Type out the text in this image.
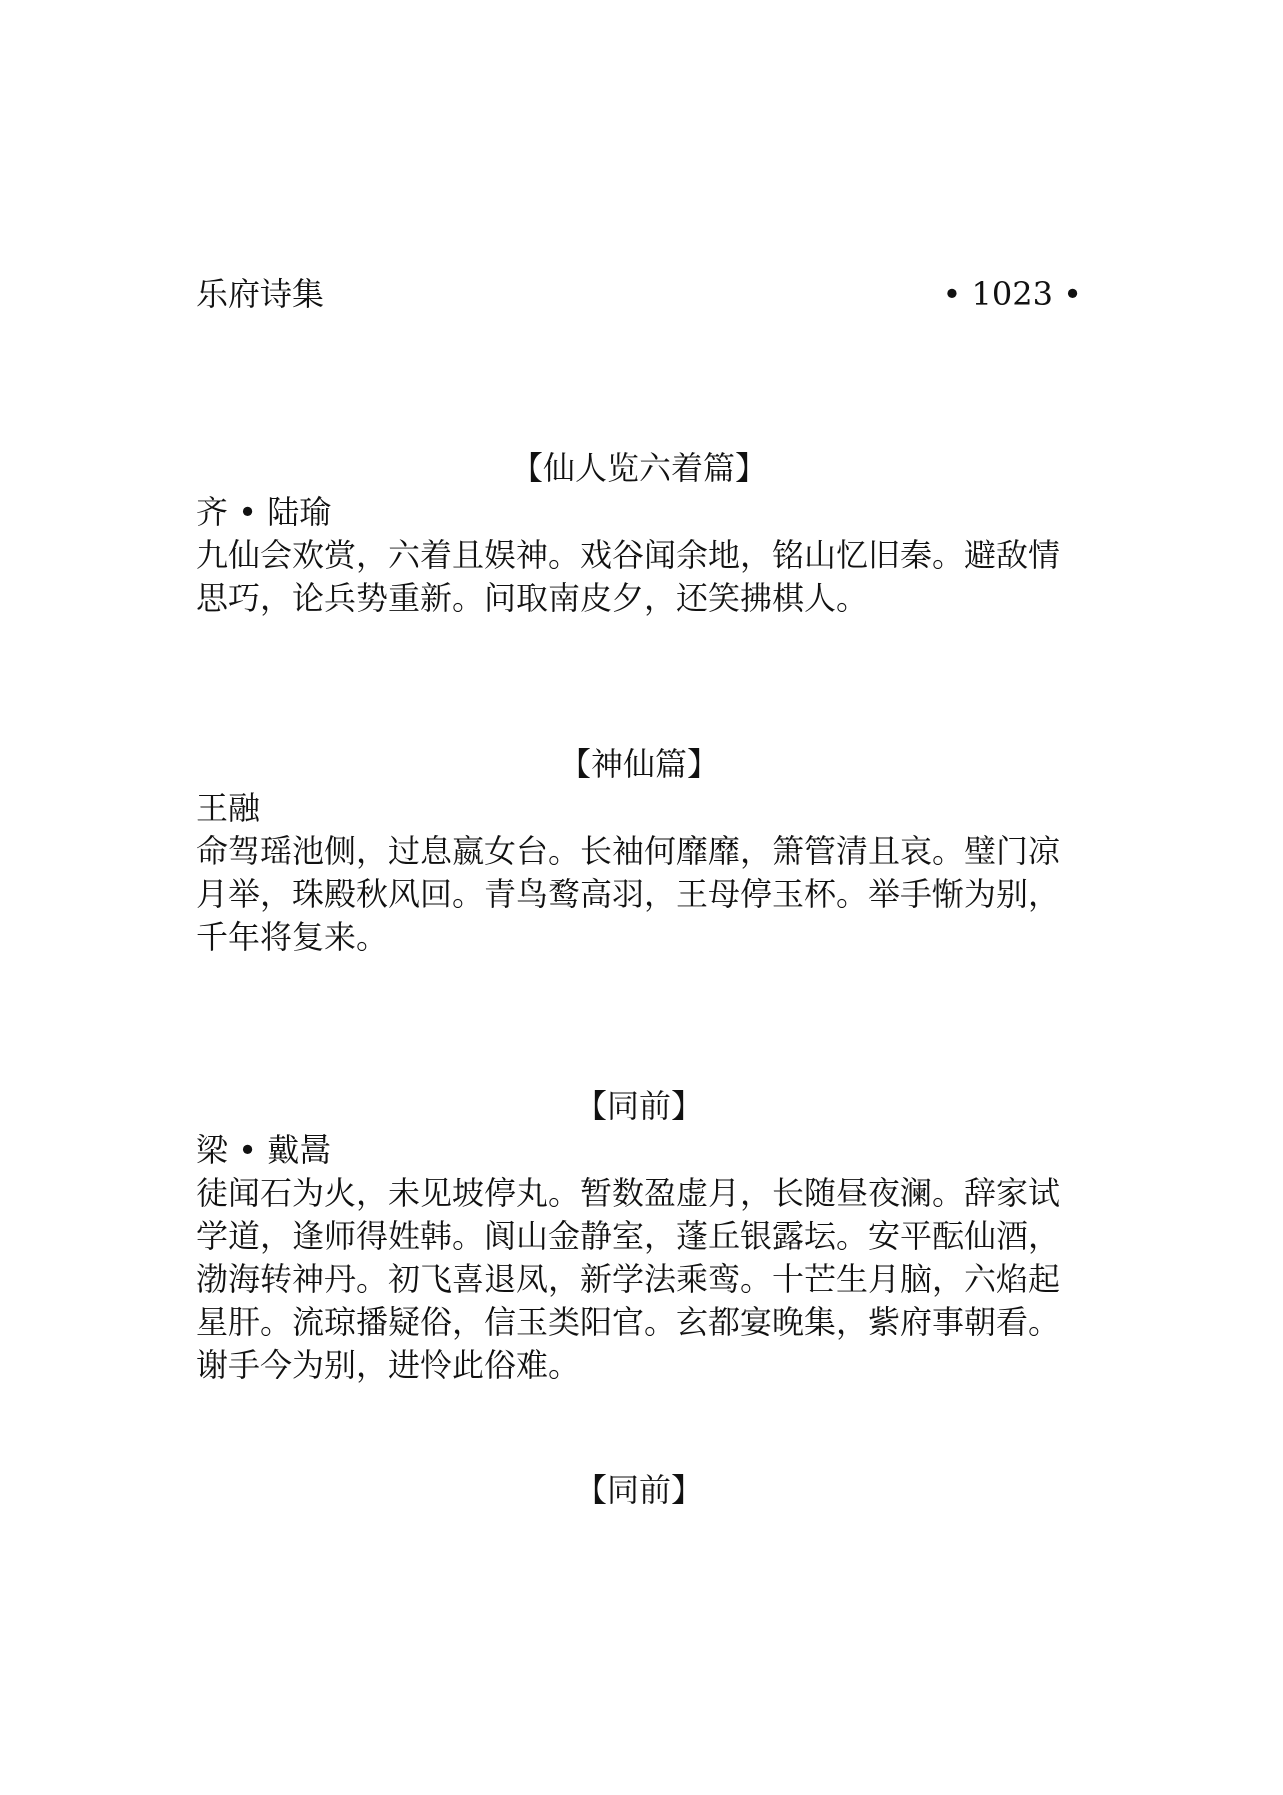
乐府诗集	• 1023 •
【仙人览六着篇】
齐 • 陆瑜
九仙会欢赏，六着且娱神。戏谷闻余地，铭山忆旧秦。避敌情
思巧，论兵势重新。问取南皮夕，还笑拂棋人。
【神仙篇】
王融
命驾瑶池侧，过息嬴女台。长袖何靡靡，箫管清且哀。璧门凉
月举，珠殿秋风回。青鸟鹜高羽，王母停玉杯。举手惭为别，
千年将复来。
【同前】
梁 • 戴暠
徒闻石为火，未见坡停丸。暂数盈虚月，长随昼夜澜。辞家试
学道，逢师得姓韩。阆山金静室，蓬丘银露坛。安平酝仙酒，
渤海转神丹。初飞喜退凤，新学法乘鸾。十芒生月脑，六焰起
星肝。流琼播疑俗，信玉类阳官。玄都宴晚集，紫府事朝看。
谢手今为别，进怜此俗难。
【同前】
